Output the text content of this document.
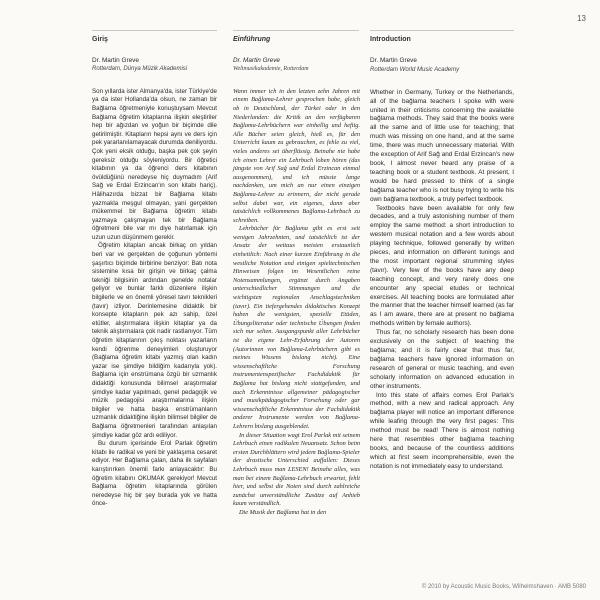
13
Giriş
Dr. Martin Greve
Rotterdam, Dünya Müzik Akademisi

Son yıllarda ister Almanya'da, ister Türkiye'de ya da ister Hollanda'da olsun, ne zaman bir Bağlama öğretmeniyle konuştuysam Mevcut Bağlama öğretim kitaplarına ilişkin eleştiriler hep bir ağızdan ve yoğun bir biçimde dile getirilmiştir. Kitapların hepsi aynı ve ders için pek yararlanılamayacak durumda deniliyordu. Çok yeni eksik olduğu, başka pek çok şeyin gereksiz olduğu söyleniyordu. Bir öğretici kitabının ya da öğrenci ders kitabının övüldüğünü neredeyse hiç duymadım (Arif Sağ ve Erdal Erzincan'ın son kitabı hariç). Hâlihazırda bizzat bir Bağlama kitabı yazmakla meşgul olmayan, yani gerçekten mükemmel bir Bağlama öğretim kitabı yazmaya çalışmayan tek bir Bağlama öğretmeni bile var mı diye hatırlamak için uzun uzun düşünmem gerekir.

Öğretim kitapları ancak birkaç on yıldan beri var ve gerçekten de çoğunun yöntemi şaşırtıcı biçimde birbirine benziyor: Batı nota sistemine kısa bir girişin ve birkaç çalma tekniği bilgisinin ardından genelde notalar geliyor ve bunlar farklı düzenlere ilişkin bilgilerle ve en önemli yöresel tavrı teknikleri (tavır) izliyor. Derinlemesine didaktik bir konsepte kitapların pek azı sahip, özel etütler, alıştırmalara ilişkin kitaplar ya da teknik alıştırmalara çok nadir rastlanıyor. Tüm öğretim kitaplarının çıkış noktası yazarların kendi öğrenme deneyimleri oluşturuyor (Bağlama öğretim kitabı yazmış olan kadın yazar ise şimdiye bildiğim kadarıyla yok). Bağlama için enstrümana özgü bir uzmanlık didaktiği konusunda bilimsel araştırmalar şimdiye kadar yapılmadı, genel pedagojik ve müzik pedagojisi araştırmalarına ilişkin bilgiler ve hatta başka enstrümanların uzmanlık didaktiğine ilişkin bilimsel bilgiler de Bağlama öğretmenleri tarafından anlaşılan şimdiye kadar göz ardı ediliyor.

Bu durum içerisinde Erol Parlak öğretim kitabı ile radikal ve yeni bir yaklaşıma cesaret ediyor. Her Bağlama çalan, daha ilk sayfaları karıştırırken önemli farkı anlayacaktır: Bu öğretim kitabını OKUMAK gerekiyor! Mevcut Bağlama öğretim kitaplarında görülen neredeyse hiç bir şey burada yok ve hatta önce-

Einführung
Dr. Martin Greve
Weltmusikakademie, Rotterdam

Wann immer ich in den letzten zehn Jahren mit einem Bağlama-Lehrer gesprochen habe, gleich ob in Deutschland, der Türkei oder in den Niederlanden: die Kritik an den verfügbaren Bağlama-Lehrbüchern war einhellig und heftig. Alle Bücher seien gleich, hieß es, für den Unterricht kaum zu gebrauchen, es fehle zu viel, vieles anderes sei überflüssig. Beinahe nie habe ich einen Lehrer ein Lehrbuch loben hören (das jüngste von Arif Sağ und Erdal Erzincan einmal ausgenommen), und ich müsste lange nachdenken, um mich an nur einen einzigen Bağlama-Lehrer zu erinnern, der nicht gerade selbst dabei war, ein eigenes, dann aber tatsächlich vollkommenes Bağlama-Lehrbuch zu schreiben.

Lehrbücher für Bağlama gibt es erst seit wenigen Jahrzehnten, und tatsächlich ist der Ansatz der weitaus meisten erstaunlich einheitlich: Nach einer kurzen Einführung in die westliche Notation und einigen spieltechnischen Hinweisen folgen im Wesentlichen reine Notensammlungen, ergänzt durch Angaben unterschiedlicher Stimmungen und die wichtigsten regionalen Anschlagstechniken (tavır). Ein tiefergehendes didaktisches Konzept haben die wenigsten, spezielle Etüden, Übungsliteratur oder technische Übungen finden sich nur selten. Ausgangspunkt aller Lehrbücher ist die eigene Lehr-Erfahrung der Autoren (Autorinnen von Bağlama-Lehrbüchern gibt es meines Wissens bislang nicht). Eine wissenschaftliche Forschung instrumentenspezifischer Fachdidaktik für Bağlama hat bislang nicht stattgefunden, und auch Erkenntnisse allgemeiner pädagogischer und musikpädagogischer Forschung oder gar wissenschaftliche Erkenntnisse der Fachdidaktik anderer Instrumente werden von Bağlama-Lehrern bislang ausgeblendet.

In dieser Situation wagt Erol Parlak mit seinem Lehrbuch einen radikalen Neuansatz. Schon beim ersten Durchblättern wird jedem Bağlama-Spieler der drastische Unterschied auffallen: Dieses Lehrbuch muss man LESEN! Beinahe alles, was man bei einem Bağlama-Lehrbuch erwartet, fehlt hier, und selbst die Noten sind durch zahlreiche zunächst unverständliche Zusätze auf Anhieb kaum verständlich.

Die Musik der Bağlama hat in den

Introduction
Dr. Martin Greve
Rotterdam World Music Academy

Whether in Germany, Turkey or the Netherlands, all of the bağlama teachers I spoke with were united in their criticisms concerning the available bağlama methods. They said that the books were all the same and of little use for teaching; that much was missing on one hand, and at the same time, there was much unnecessary material. With the exception of Arif Sağ and Erdal Erzincan's new book, I almost never heard any praise of a teaching book or a student textbook. At present, I would be hard pressed to think of a single bağlama teacher who is not busy trying to write his own bağlama textbook, a truly perfect textbook.

Textbooks have been available for only few decades, and a truly astonishing number of them employ the same method: a short introduction to western musical notation and a few words about playing technique, followed generally by written pieces, and information on different tunings and the most important regional strumming styles (tavır). Very few of the books have any deep teaching concept, and very rarely does one encounter any special etudes or technical exercises. All teaching books are formulated after the manner that the teacher himself learned (as far as I am aware, there are at present no bağlama methods written by female authors).

Thus far, no scholarly research has been done exclusively on the subject of teaching the bağlama; and it is fairly clear that thus far, bağlama teachers have ignored information on research of general or music teaching, and even scholarly information on advanced education in other instruments.

Into this state of affairs comes Erol Parlak's method, with a new and radical approach. Any bağlama player will notice an important difference while leafing through the very first pages: This method must be read! There is almost nothing here that resembles other bağlama teaching books, and because of the countless additions which at first seem incomprehensible, even the notation is not immediately easy to understand.

© 2010 by Acoustic Music Books, Wilhelmshaven · AMB 5080
